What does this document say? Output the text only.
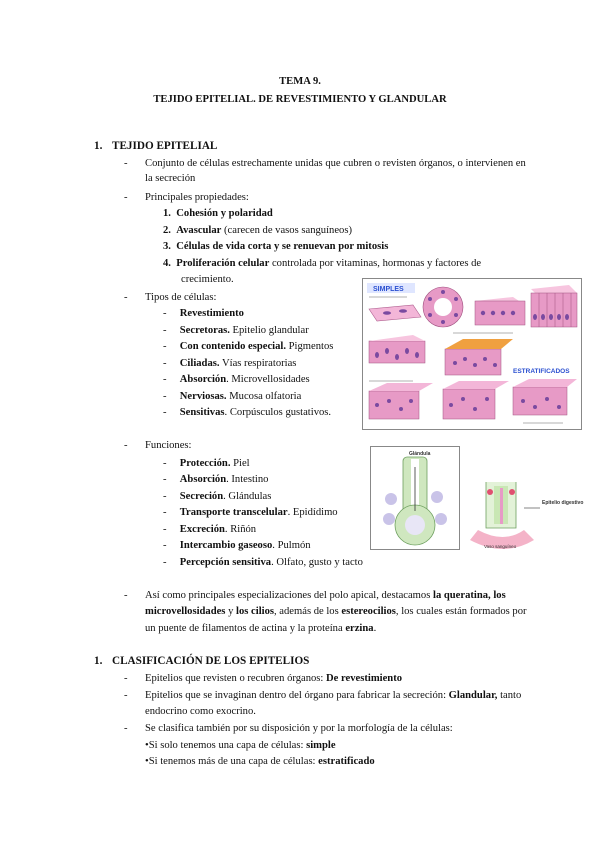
TEMA 9.
TEJIDO EPITELIAL. DE REVESTIMIENTO Y GLANDULAR
1. TEJIDO EPITELIAL
- Conjunto de células estrechamente unidas que cubren o revisten órganos, o intervienen en
la secreción
- Principales propiedades:
1. Cohesión y polaridad
2. Avascular (carecen de vasos sanguíneos)
3. Células de vida corta y se renuevan por mitosis
4. Proliferación celular controlada por vitaminas, hormonas y factores de
crecimiento.
- Tipos de células:
-     Revestimiento
-     Secretoras. Epitelio glandular
-     Con contenido especial. Pigmentos
-     Ciliadas. Vías respiratorias
-     Absorción. Microvellosidades
-     Nerviosas. Mucosa olfatoria
-     Sensitivas. Corpúsculos gustativos.
SIMPLES
ESTRATIFICADOS
- Funciones:
-     Protección. Piel
-     Absorción. Intestino
-     Secreción. Glándulas
-     Transporte transcelular. Epidídimo
-     Excreción. Riñón
-     Intercambio gaseoso. Pulmón
-     Percepción sensitiva. Olfato, gusto y tacto
Glándula
Epitelio digestivo
Vaso sanguíneo
- Así como principales especializaciones del polo apical, destacamos la queratina, los
microvellosidades y los cilios, además de los estereocilios, los cuales están formados por
un puente de filamentos de actina y la proteína erzina.
1. CLASIFICACIÓN DE LOS EPITELIOS
- Epitelios que revisten o recubren órganos: De revestimiento
- Epitelios que se invaginan dentro del órgano para fabricar la secreción: Glandular, tanto
endocrino como exocrino.
- Se clasifica también por su disposición y por la morfología de la células:
•Si solo tenemos una capa de células: simple
•Si tenemos más de una capa de células: estratificado
